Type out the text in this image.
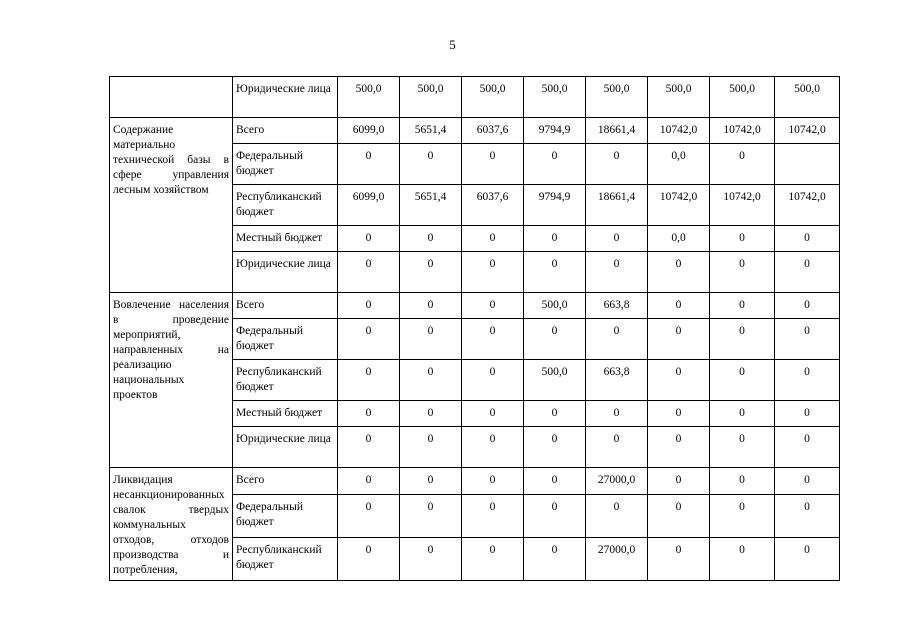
5
	Юридические лица	500,0	500,0	500,0	500,0	500,0	500,0	500,0	500,0
Содержание материально технической базы в сфере управления лесным хозяйством	Всего	6099,0	5651,4	6037,6	9794,9	18661,4	10742,0	10742,0	10742,0
	Федеральный бюджет	0	0	0	0	0	0,0	0	
	Республиканский бюджет	6099,0	5651,4	6037,6	9794,9	18661,4	10742,0	10742,0	10742,0
	Местный бюджет	0	0	0	0	0	0,0	0	0
	Юридические лица	0	0	0	0	0	0	0	0
Вовлечение населения в проведение мероприятий, направленных на реализацию национальных проектов	Всего	0	0	0	500,0	663,8	0	0	0
	Федеральный бюджет	0	0	0	0	0	0	0	0
	Республиканский бюджет	0	0	0	500,0	663,8	0	0	0
	Местный бюджет	0	0	0	0	0	0	0	0
	Юридические лица	0	0	0	0	0	0	0	0
Ликвидация несанкционированных свалок твердых коммунальных отходов, отходов производства и потребления,	Всего	0	0	0	0	27000,0	0	0	0
	Федеральный бюджет	0	0	0	0	0	0	0	0
	Республиканский бюджет	0	0	0	0	27000,0	0	0	0
